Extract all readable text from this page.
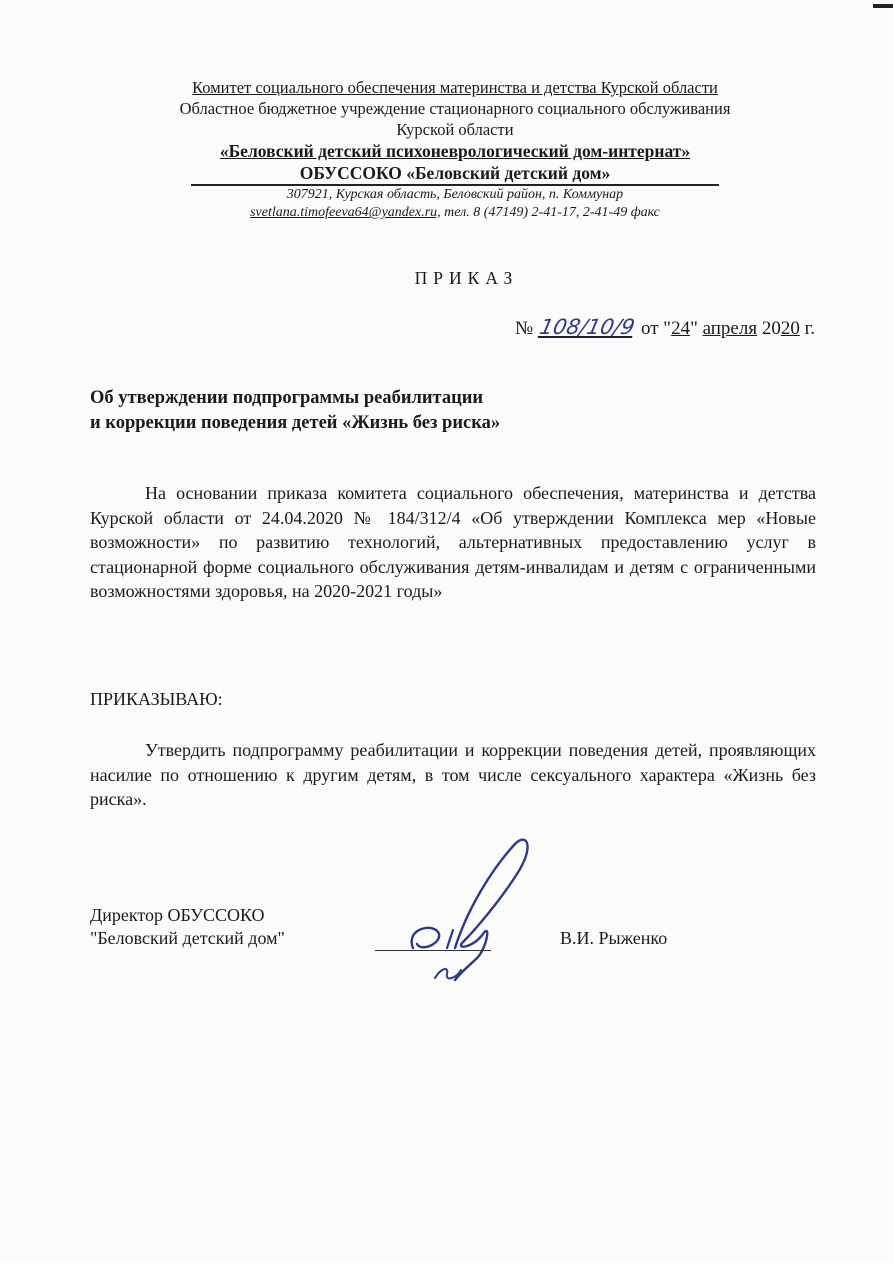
Комитет социального обеспечения материнства и детства Курской области
Областное бюджетное учреждение стационарного социального обслуживания
Курской области
«Беловский детский психоневрологический дом-интернат»
ОБУССОКО «Беловский детский дом»
307921, Курская область, Беловский район, п. Коммунар
svetlana.timofeeva64@yandex.ru, тел. 8 (47149) 2-41-17, 2-41-49 факс
ПРИКАЗ
№ 108/10/9 от "24" апреля 2020 г.
Об утверждении подпрограммы реабилитации
и коррекции поведения детей «Жизнь без риска»
На основании приказа комитета социального обеспечения, материнства и детства Курской области от 24.04.2020 № 184/312/4 «Об утверждении Комплекса мер «Новые возможности» по развитию технологий, альтернативных предоставлению услуг в стационарной форме социального обслуживания детям-инвалидам и детям с ограниченными возможностями здоровья, на 2020-2021 годы»
ПРИКАЗЫВАЮ:
Утвердить подпрограмму реабилитации и коррекции поведения детей, проявляющих насилие по отношению к другим детям, в том числе сексуального характера «Жизнь без риска».
Директор ОБУССОКО
"Беловский детский дом"	В.И. Рыженко
